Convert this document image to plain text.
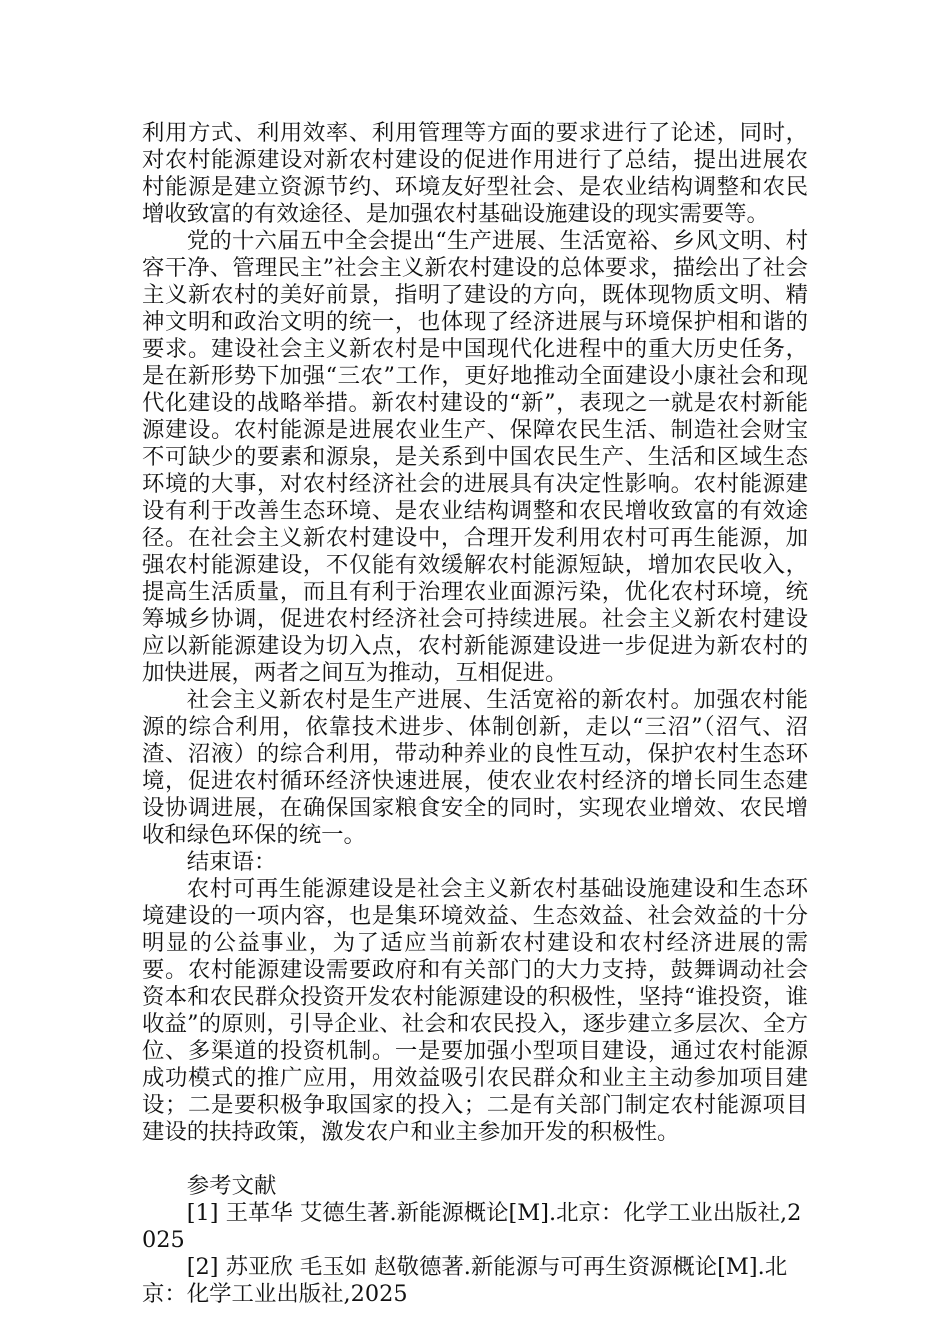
利用方式、利用效率、利用管理等方面的要求进行了论述，同时，对农村能源建设对新农村建设的促进作用进行了总结，提出进展农村能源是建立资源节约、环境友好型社会、是农业结构调整和农民增收致富的有效途径、是加强农村基础设施建设的现实需要等。

党的十六届五中全会提出“生产进展、生活宽裕、乡风文明、村容干净、管理民主”社会主义新农村建设的总体要求，描绘出了社会主义新农村的美好前景，指明了建设的方向，既体现物质文明、精神文明和政治文明的统一，也体现了经济进展与环境保护相和谐的要求。建设社会主义新农村是中国现代化进程中的重大历史任务，是在新形势下加强“三农”工作，更好地推动全面建设小康社会和现代化建设的战略举措。新农村建设的“新”，表现之一就是农村新能源建设。农村能源是进展农业生产、保障农民生活、制造社会财宝不可缺少的要素和源泉，是关系到中国农民生产、生活和区域生态环境的大事，对农村经济社会的进展具有决定性影响。农村能源建设有利于改善生态环境、是农业结构调整和农民增收致富的有效途径。在社会主义新农村建设中，合理开发利用农村可再生能源，加强农村能源建设，不仅能有效缓解农村能源短缺，增加农民收入，提高生活质量，而且有利于治理农业面源污染，优化农村环境，统筹城乡协调，促进农村经济社会可持续进展。社会主义新农村建设应以新能源建设为切入点，农村新能源建设进一步促进为新农村的加快进展，两者之间互为推动，互相促进。

社会主义新农村是生产进展、生活宽裕的新农村。加强农村能源的综合利用，依靠技术进步、体制创新，走以“三沼”（沼气、沼渣、沼液）的综合利用，带动种养业的良性互动，保护农村生态环境，促进农村循环经济快速进展，使农业农村经济的增长同生态建设协调进展，在确保国家粮食安全的同时，实现农业增效、农民增收和绿色环保的统一。

结束语：

农村可再生能源建设是社会主义新农村基础设施建设和生态环境建设的一项内容，也是集环境效益、生态效益、社会效益的十分明显的公益事业，为了适应当前新农村建设和农村经济进展的需要。农村能源建设需要政府和有关部门的大力支持，鼓舞调动社会资本和农民群众投资开发农村能源建设的积极性，坚持“谁投资，谁收益”的原则，引导企业、社会和农民投入，逐步建立多层次、全方位、多渠道的投资机制。一是要加强小型项目建设，通过农村能源成功模式的推广应用，用效益吸引农民群众和业主主动参加项目建设；二是要积极争取国家的投入；二是有关部门制定农村能源项目建设的扶持政策，激发农户和业主参加开发的积极性。

参考文献

[1] 王革华 艾德生著.新能源概论[M].北京：化学工业出版社,2025

[2] 苏亚欣 毛玉如 赵敬德著.新能源与可再生资源概论[M].北京：化学工业出版社,2025
